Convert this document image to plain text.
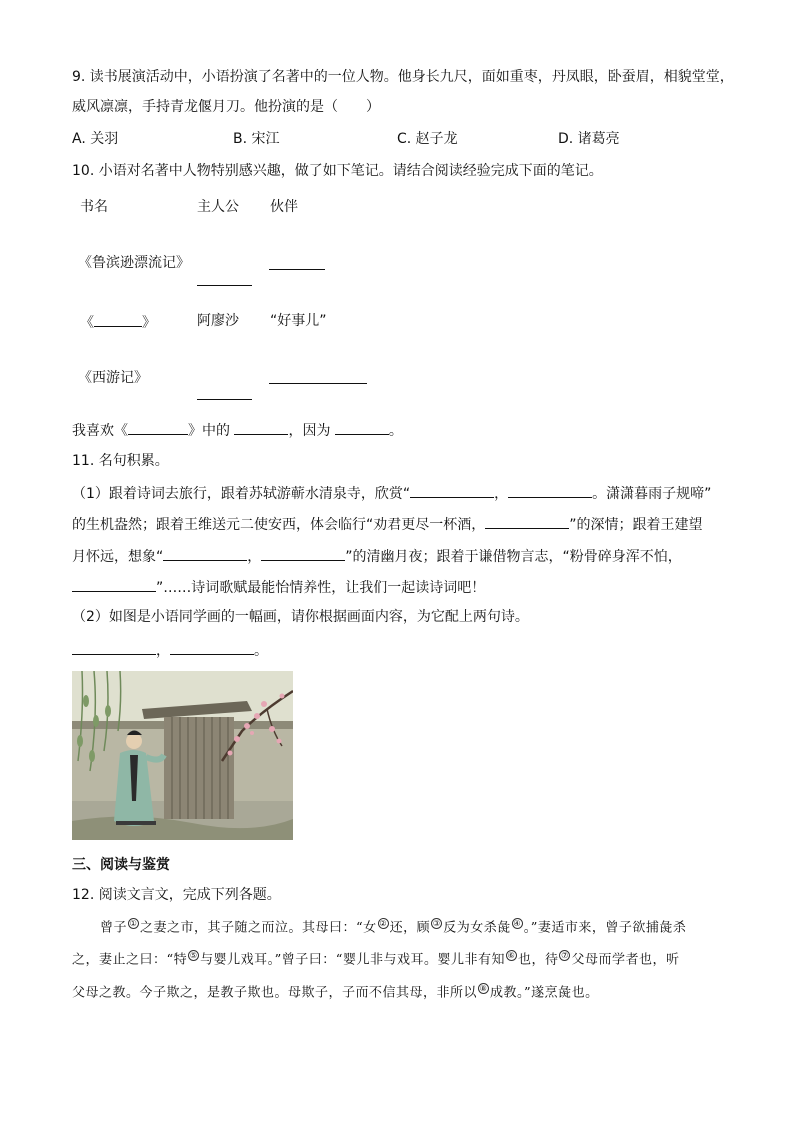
9. 读书展演活动中，小语扮演了名著中的一位人物。他身长九尺，面如重枣，丹凤眼，卧蚕眉，相貌堂堂，
威风凛凛，手持青龙偃月刀。他扮演的是（　　）
A. 关羽	B. 宋江	C. 赵子龙	D. 诸葛亮
10. 小语对名著中人物特别感兴趣，做了如下笔记。请结合阅读经验完成下面的笔记。
书名	主人公 伙伴
《鲁滨逊漂流记》
《	》	阿廖沙 “好事儿”
《西游记》
我喜欢《	》中的	，因为	。
11. 名句积累。
（1）跟着诗词去旅行，跟着苏轼游蕲水清泉寺，欣赏“	，	。潇潇暮雨子规啼”
的生机盎然；跟着王维送元二使安西，体会临行“劝君更尽一杯酒，	”的深情；跟着王建望
月怀远，想象“	，	”的清幽月夜；跟着于谦借物言志，“粉骨碎身浑不怕，
”……诗词歌赋最能怡情养性，让我们一起读诗词吧！
（2）如图是小语同学画的一幅画，请你根据画面内容，为它配上两句诗。
，	。
三、阅读与鉴赏
12. 阅读文言文，完成下列各题。
曾子 ① 之妻之市，其子随之而泣。其母曰：“女 ② 还，顾 ③ 反为女杀彘 ④ 。”妻适市来，曾子欲捕彘杀
之，妻止之曰：“特 ⑤ 与婴儿戏耳。”曾子曰：“婴儿非与戏耳。婴儿非有知 ⑥ 也，待 ⑦ 父母而学者也，听
父母之教。今子欺之，是教子欺也。母欺子，子而不信其母，非所以 ⑧ 成教。”遂烹彘也。
